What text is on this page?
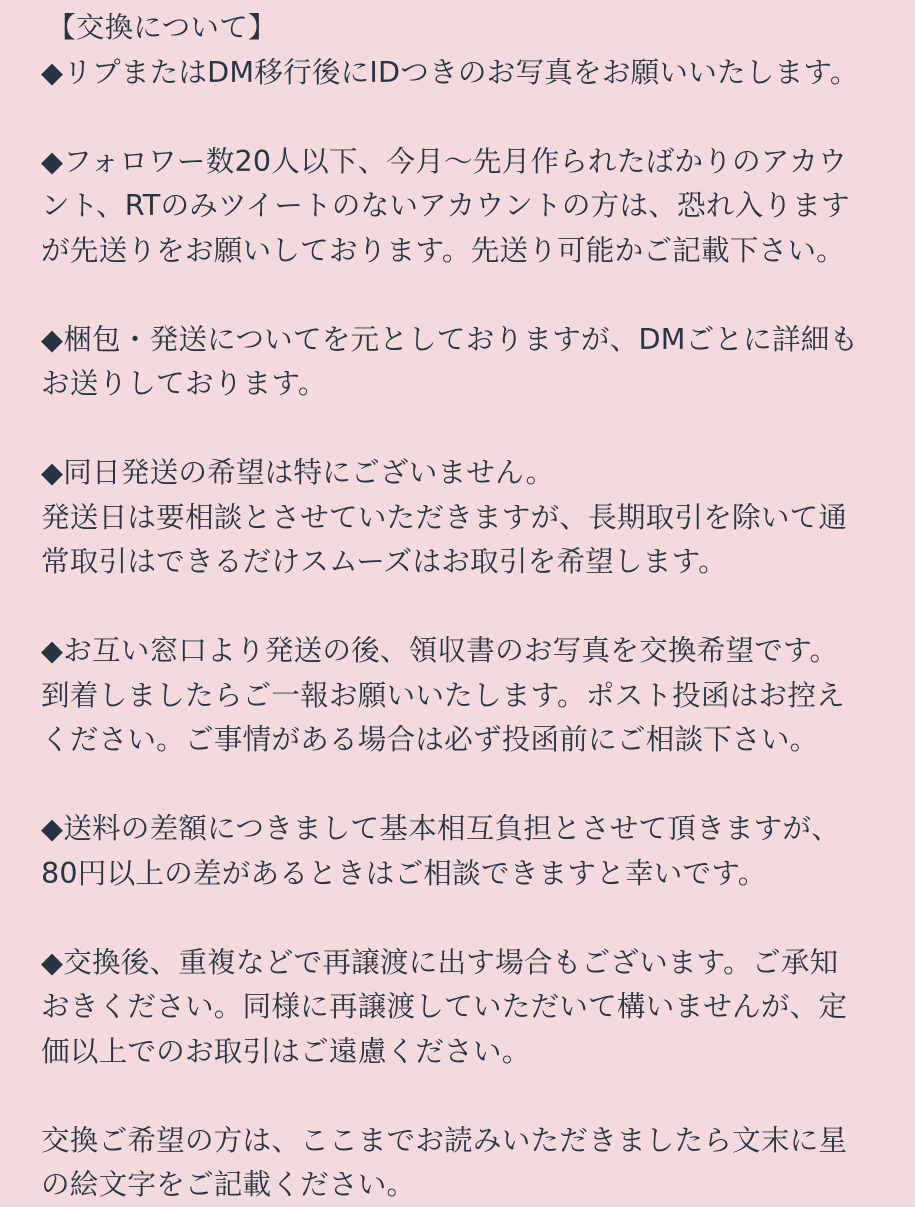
【交換について】
◆リプまたはDM移行後にIDつきのお写真をお願いいたします。
◆フォロワー数20人以下、今月〜先月作られたばかりのアカウ
ント、RTのみツイートのないアカウントの方は、恐れ入ります
が先送りをお願いしております。先送り可能かご記載下さい。
◆梱包・発送についてを元としておりますが、DMごとに詳細も
お送りしております。
◆同日発送の希望は特にございません。
発送日は要相談とさせていただきますが、長期取引を除いて通
常取引はできるだけスムーズはお取引を希望します。
◆お互い窓口より発送の後、領収書のお写真を交換希望です。
到着しましたらご一報お願いいたします。ポスト投函はお控え
ください。ご事情がある場合は必ず投函前にご相談下さい。
◆送料の差額につきまして基本相互負担とさせて頂きますが、
80円以上の差があるときはご相談できますと幸いです。
◆交換後、重複などで再譲渡に出す場合もございます。ご承知
おきください。同様に再譲渡していただいて構いませんが、定
価以上でのお取引はご遠慮ください。
交換ご希望の方は、ここまでお読みいただきましたら文末に星
の絵文字をご記載ください。
